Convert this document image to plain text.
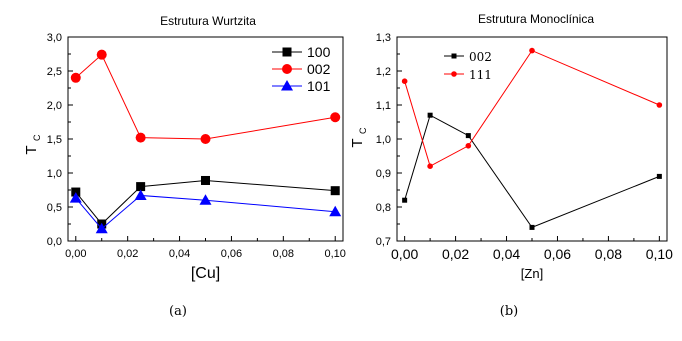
Estrutura Wurtzita
0,00	0,02	0,04	0,06	0,08	0,10
0,0
0,5
1,0
1,5
2,0
2,5
3,0
[Cu]
T
C
100
002
101
(a)
Estrutura Monoclínica
0,00 0,02 0,04 0,06 0,08 0,10
0,7
0,8
0,9
1,0
1,1
1,2
1,3
[Zn]
T
C
002
111
(b)
